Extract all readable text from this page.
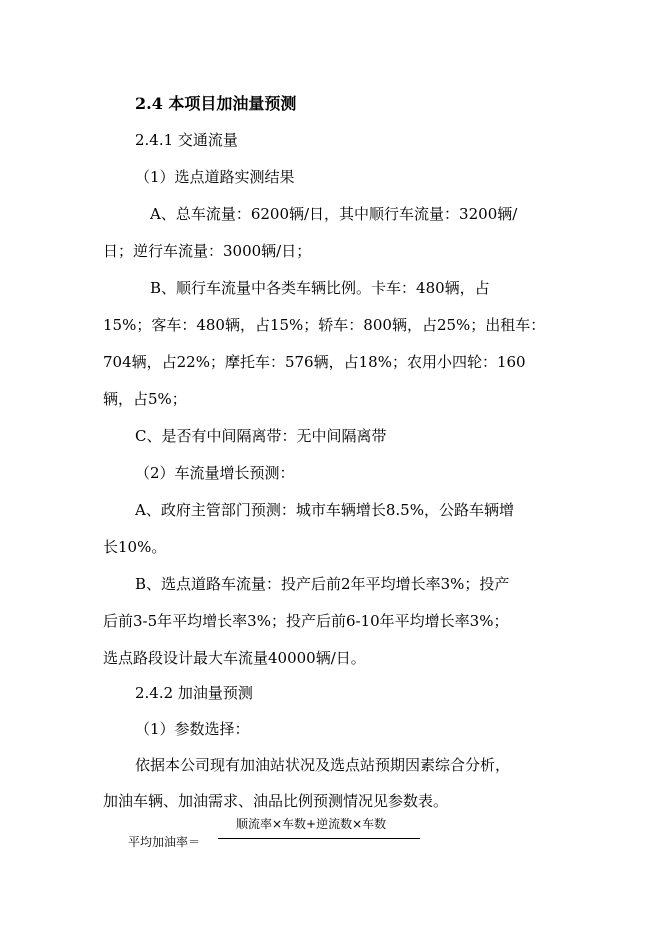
2.4 本项目加油量预测
2.4.1 交通流量
（1）选点道路实测结果
A、总车流量：6200辆/日，其中顺行车流量：3200辆/
日；逆行车流量：3000辆/日；
B、顺行车流量中各类车辆比例。卡车：480辆，占
15%；客车：480辆，占15%；轿车：800辆，占25%；出租车：
704辆，占22%；摩托车：576辆，占18%；农用小四轮：160
辆，占5%；
C、是否有中间隔离带：无中间隔离带
（2）车流量增长预测：
A、政府主管部门预测：城市车辆增长8.5%，公路车辆增
长10%。
B、选点道路车流量：投产后前2年平均增长率3%；投产
后前3-5年平均增长率3%；投产后前6-10年平均增长率3%；
选点路段设计最大车流量40000辆/日。
2.4.2 加油量预测
（1）参数选择：
依据本公司现有加油站状况及选点站预期因素综合分析，
加油车辆、加油需求、油品比例预测情况见参数表。
平均加油率＝
顺流率×车数+逆流数×车数
